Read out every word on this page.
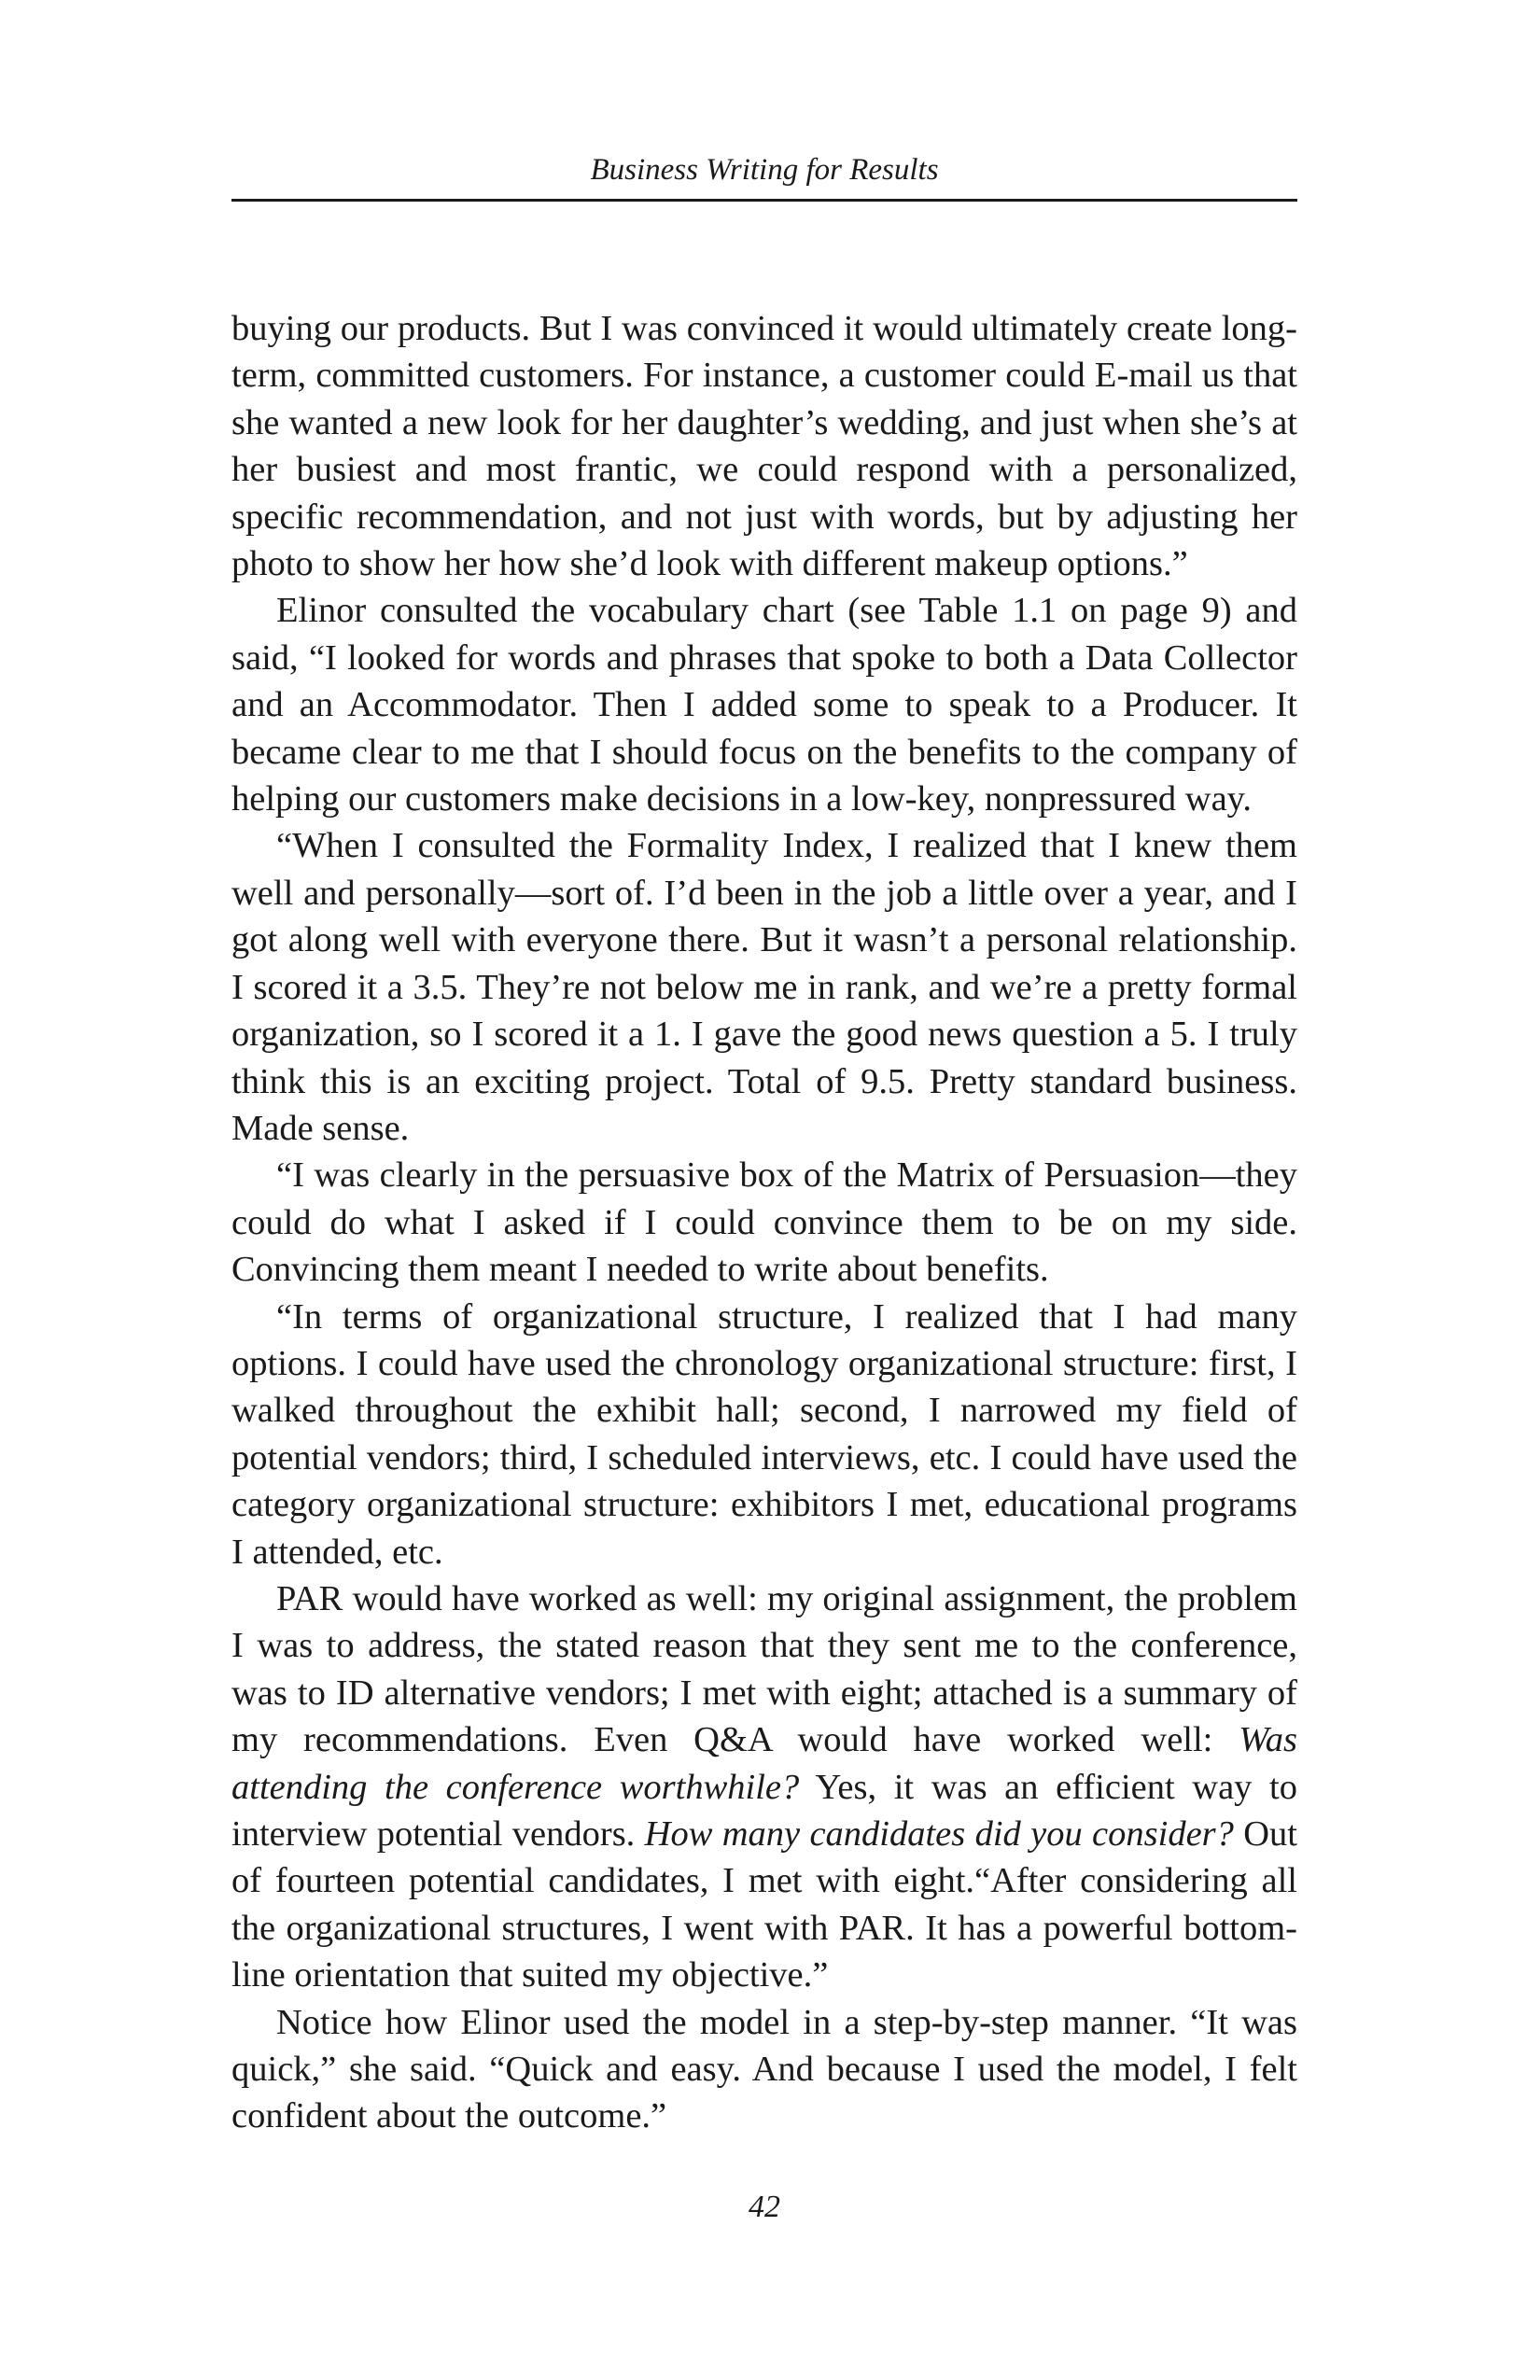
Business Writing for Results

buying our products. But I was convinced it would ultimately create long-term, committed customers. For instance, a customer could E-mail us that she wanted a new look for her daughter’s wedding, and just when she’s at her busiest and most frantic, we could respond with a personalized, specific recommendation, and not just with words, but by adjusting her photo to show her how she’d look with different makeup options.”

Elinor consulted the vocabulary chart (see Table 1.1 on page 9) and said, “I looked for words and phrases that spoke to both a Data Collector and an Accommodator. Then I added some to speak to a Producer. It became clear to me that I should focus on the benefits to the company of helping our customers make decisions in a low-key, nonpressured way.

“When I consulted the Formality Index, I realized that I knew them well and personally—sort of. I’d been in the job a little over a year, and I got along well with everyone there. But it wasn’t a personal relationship. I scored it a 3.5. They’re not below me in rank, and we’re a pretty formal organization, so I scored it a 1. I gave the good news question a 5. I truly think this is an exciting project. Total of 9.5. Pretty standard business. Made sense.

“I was clearly in the persuasive box of the Matrix of Persuasion—they could do what I asked if I could convince them to be on my side. Convincing them meant I needed to write about benefits.

“In terms of organizational structure, I realized that I had many options. I could have used the chronology organizational structure: first, I walked throughout the exhibit hall; second, I narrowed my field of potential vendors; third, I scheduled interviews, etc. I could have used the category organizational structure: exhibitors I met, educational programs I attended, etc.

PAR would have worked as well: my original assignment, the problem I was to address, the stated reason that they sent me to the conference, was to ID alternative vendors; I met with eight; attached is a summary of my recommendations. Even Q&A would have worked well: Was attending the conference worthwhile? Yes, it was an efficient way to interview potential vendors. How many candidates did you consider? Out of fourteen potential candidates, I met with eight.“After considering all the organizational structures, I went with PAR. It has a powerful bottom-line orientation that suited my objective.”

Notice how Elinor used the model in a step-by-step manner. “It was quick,” she said. “Quick and easy. And because I used the model, I felt confident about the outcome.”

42
